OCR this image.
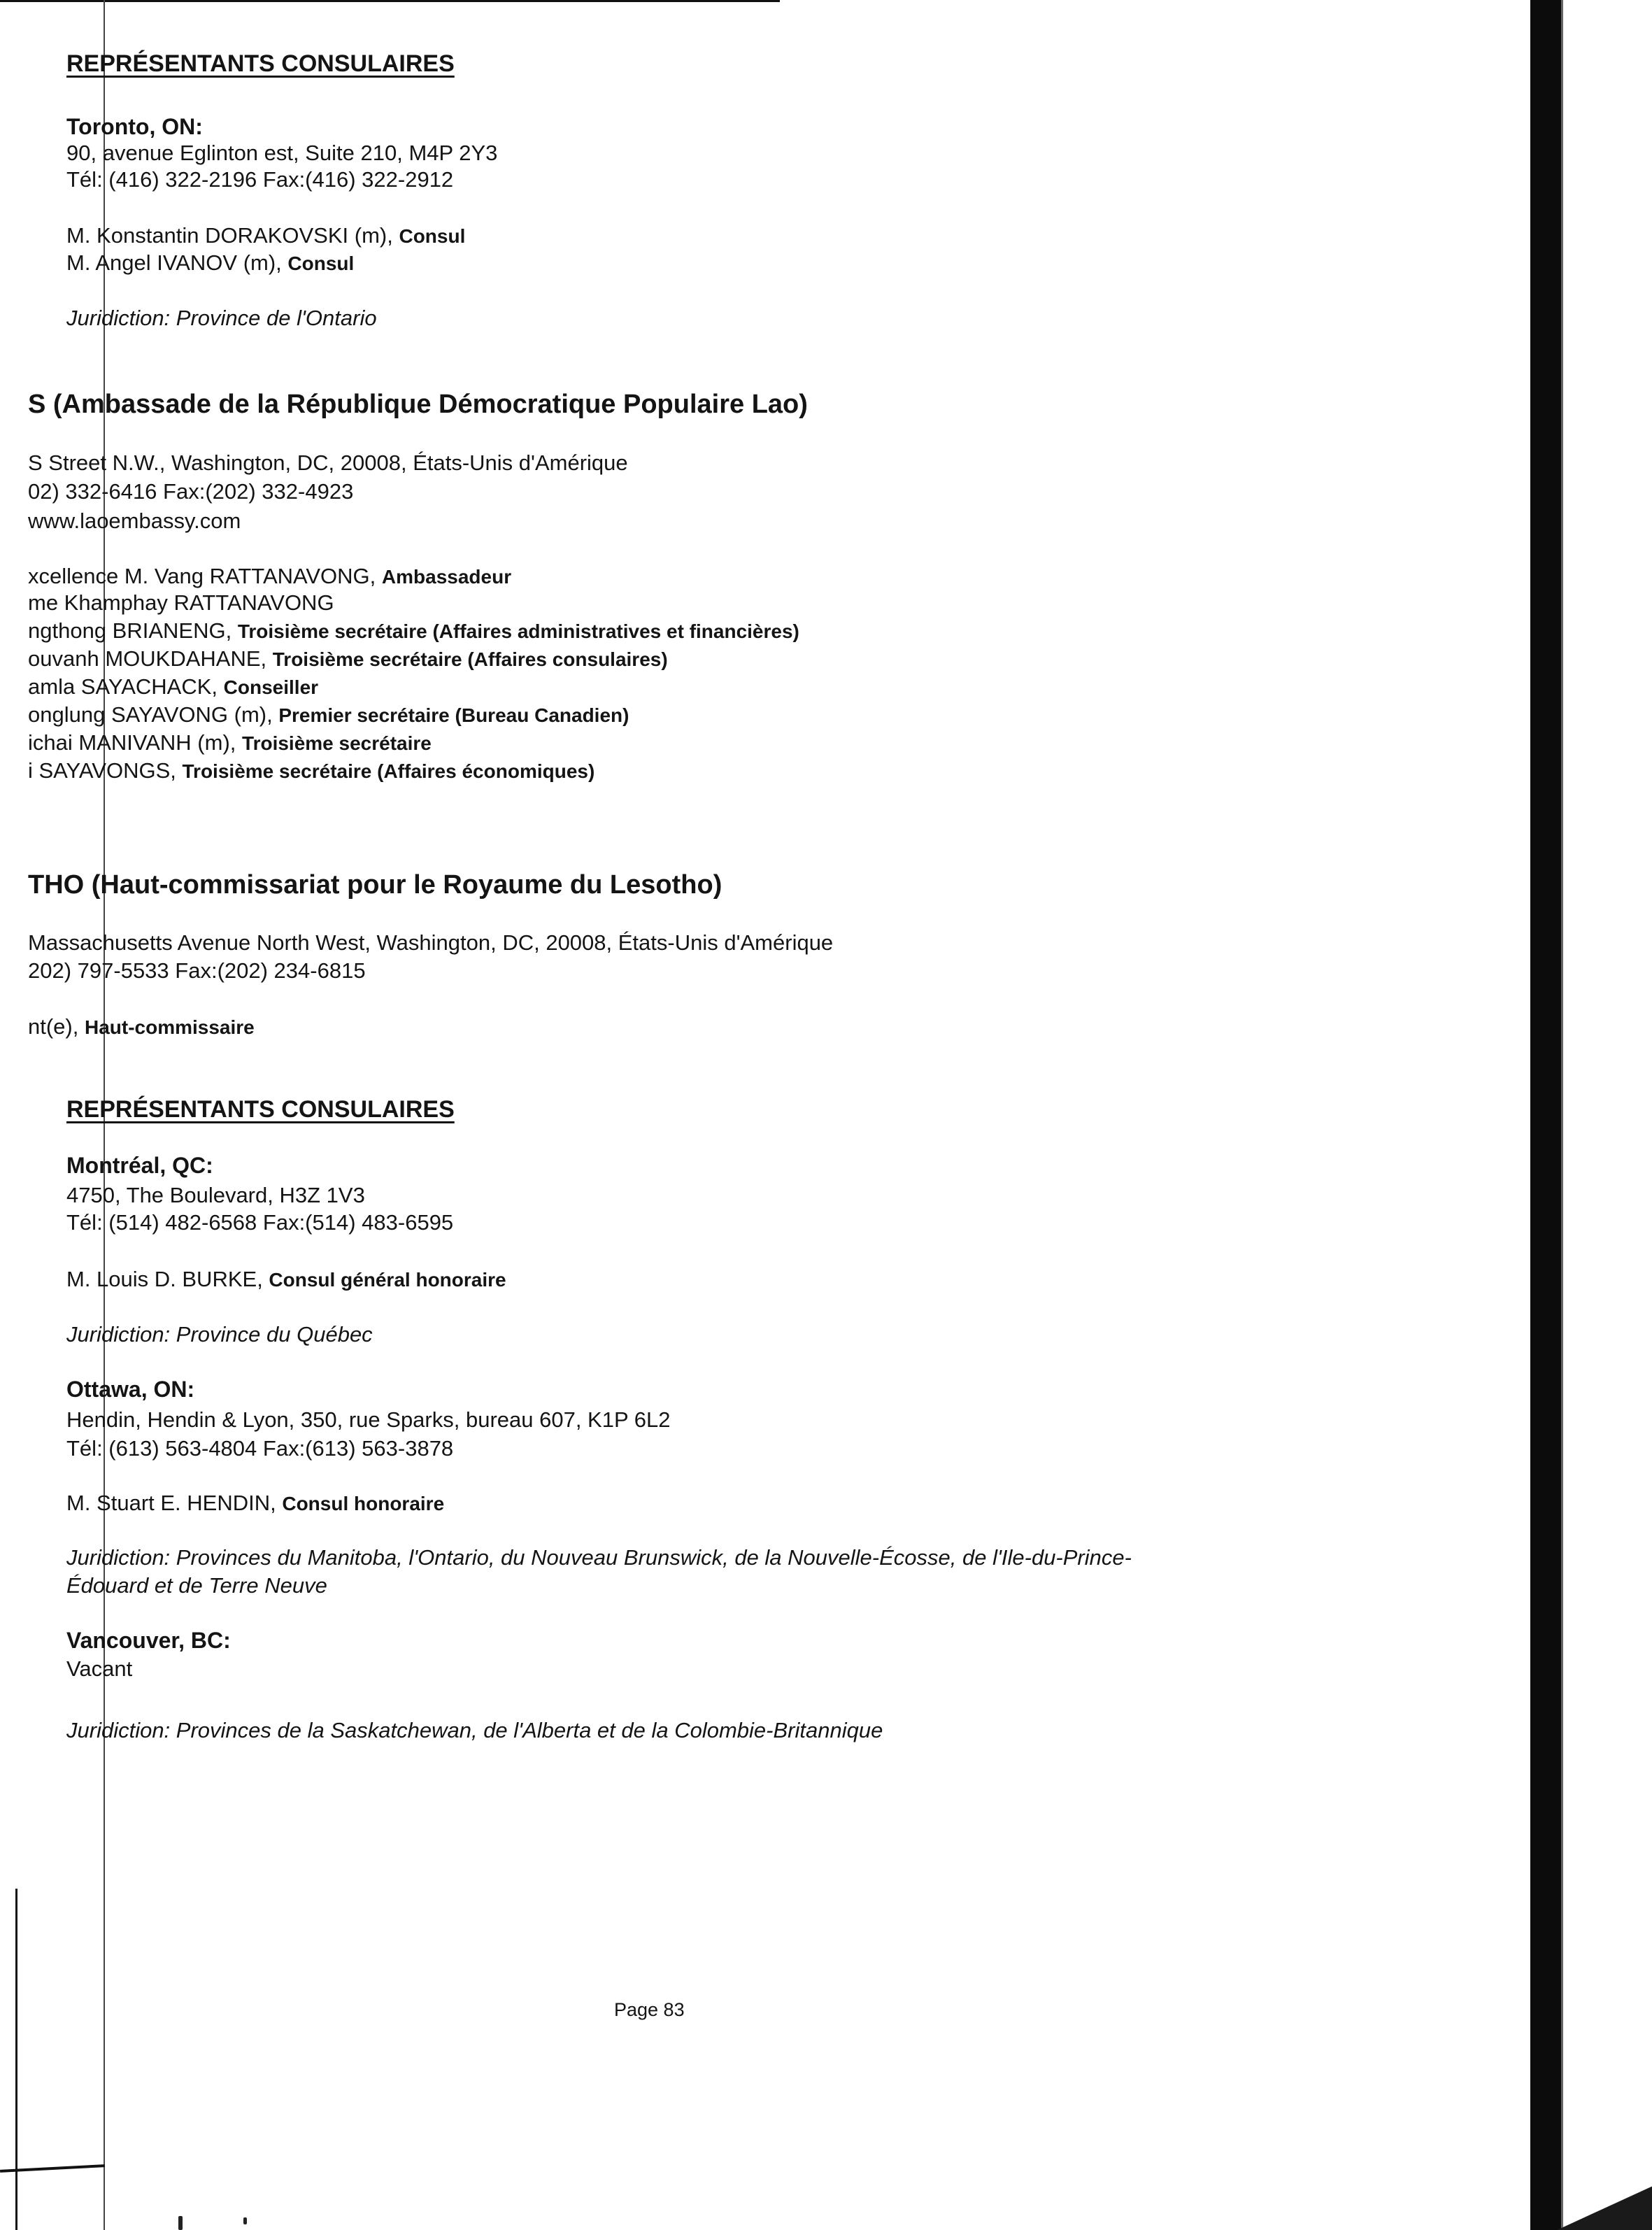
REPRÉSENTANTS CONSULAIRES
Toronto, ON:
90, avenue Eglinton est, Suite 210, M4P 2Y3
Tél: (416) 322-2196 Fax:(416) 322-2912
M. Konstantin DORAKOVSKI (m), Consul
M. Angel IVANOV (m), Consul
Juridiction: Province de l'Ontario
S (Ambassade de la République Démocratique Populaire Lao)
S Street N.W., Washington, DC, 20008, États-Unis d'Amérique
02) 332-6416 Fax:(202) 332-4923
www.laoembassy.com
xcellence M. Vang RATTANAVONG, Ambassadeur
me Khamphay RATTANAVONG
ngthong BRIANENG, Troisième secrétaire (Affaires administratives et financières)
ouvanh MOUKDAHANE, Troisième secrétaire (Affaires consulaires)
amla SAYACHACK, Conseiller
onglung SAYAVONG (m), Premier secrétaire (Bureau Canadien)
ichai MANIVANH (m), Troisième secrétaire
i SAYAVONGS, Troisième secrétaire (Affaires économiques)
THO (Haut-commissariat pour le Royaume du Lesotho)
Massachusetts Avenue North West, Washington, DC, 20008, États-Unis d'Amérique
202) 797-5533 Fax:(202) 234-6815
nt(e), Haut-commissaire
REPRÉSENTANTS CONSULAIRES
Montréal, QC:
4750, The Boulevard, H3Z 1V3
Tél: (514) 482-6568 Fax:(514) 483-6595
M. Louis D. BURKE, Consul général honoraire
Juridiction: Province du Québec
Ottawa, ON:
Hendin, Hendin & Lyon, 350, rue Sparks, bureau 607, K1P 6L2
Tél: (613) 563-4804 Fax:(613) 563-3878
M. Stuart E. HENDIN, Consul honoraire
Juridiction: Provinces du Manitoba, l'Ontario, du Nouveau Brunswick, de la Nouvelle-Écosse, de l'Ile-du-Prince-
Édouard et de Terre Neuve
Vancouver, BC:
Vacant
Juridiction: Provinces de la Saskatchewan, de l'Alberta et de la Colombie-Britannique
Page 83
